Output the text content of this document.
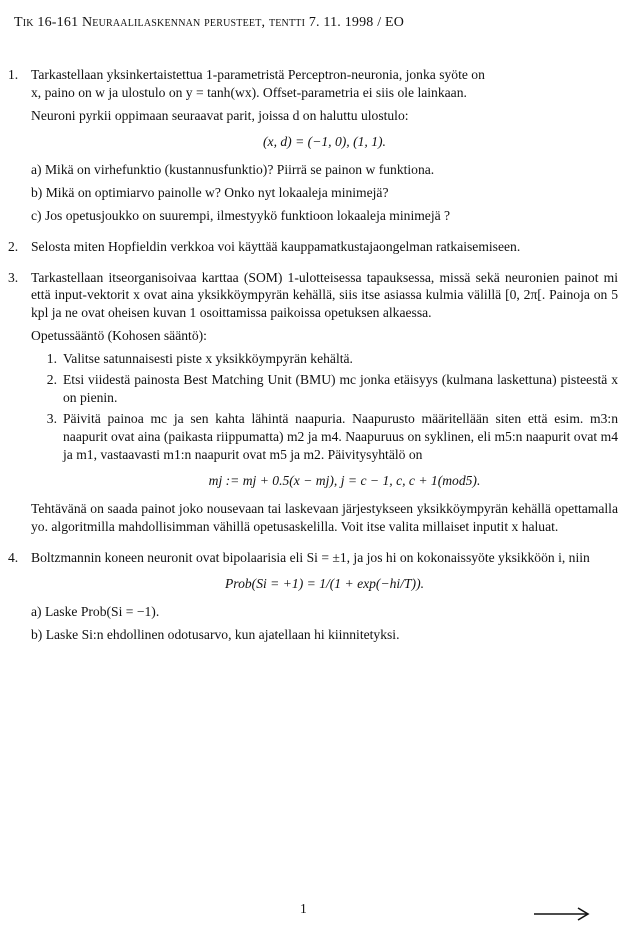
Tik 16-161 Neuraalilaskennan perusteet, tentti 7. 11. 1998 / EO
1. Tarkastellaan yksinkertaistettua 1-parametristä Perceptron-neuronia, jonka syöte on

x, paino on w ja ulostulo on y = tanh(wx). Offset-parametria ei siis ole lainkaan.

Neuroni pyrkii oppimaan seuraavat parit, joissa d on haluttu ulostulo:

(x, d) = (−1, 0), (1, 1).

a) Mikä on virhefunktio (kustannusfunktio)? Piirrä se painon w funktiona.

b) Mikä on optimiarvo painolle w? Onko nyt lokaaleja minimejä?

c) Jos opetusjoukko on suurempi, ilmestyykö funktioon lokaaleja minimejä ?

2. Selosta miten Hopfieldin verkkoa voi käyttää kauppamatkustajaongelman ratkaisemiseen.

3. Tarkastellaan itseorganisoivaa karttaa (SOM) 1-ulotteisessa tapauksessa, missä sekä neuronien painot mi että input-vektorit x ovat aina yksikköympyrän kehällä, siis itse asiassa kulmia välillä [0, 2π[. Painoja on 5 kpl ja ne ovat oheisen kuvan 1 osoittamissa paikoissa opetuksen alkaessa.

Opetussääntö (Kohosen sääntö):

1. Valitse satunnaisesti piste x yksikköympyrän kehältä.
2. Etsi viidestä painosta Best Matching Unit (BMU) mc jonka etäisyys (kulmana laskettuna) pisteestä x on pienin.
3. Päivitä painoa mc ja sen kahta lähintä naapuria. Naapurusto määritellään siten että esim. m3:n naapurit ovat aina (paikasta riippumatta) m2 ja m4. Naapuruus on syklinen, eli m5:n naapurit ovat m4 ja m1, vastaavasti m1:n naapurit ovat m5 ja m2. Päivitysyhtälö on
mj := mj + 0.5(x − mj), j = c − 1, c, c + 1(mod5).

Tehtävänä on saada painot joko nousevaan tai laskevaan järjestykseen yksikköympyrän kehällä opettamalla yo. algoritmilla mahdollisimman vähillä opetusaskelilla. Voit itse valita millaiset inputit x haluat.

4. Boltzmannin koneen neuronit ovat bipolaarisia eli Si = ±1, ja jos hi on kokonaissyöte yksikköön i, niin

Prob(Si = +1) = 1/(1 + exp(−hi/T)).

a) Laske Prob(Si = −1).

b) Laske Si:n ehdollinen odotusarvo, kun ajatellaan hi kiinnitetyksi.

1
